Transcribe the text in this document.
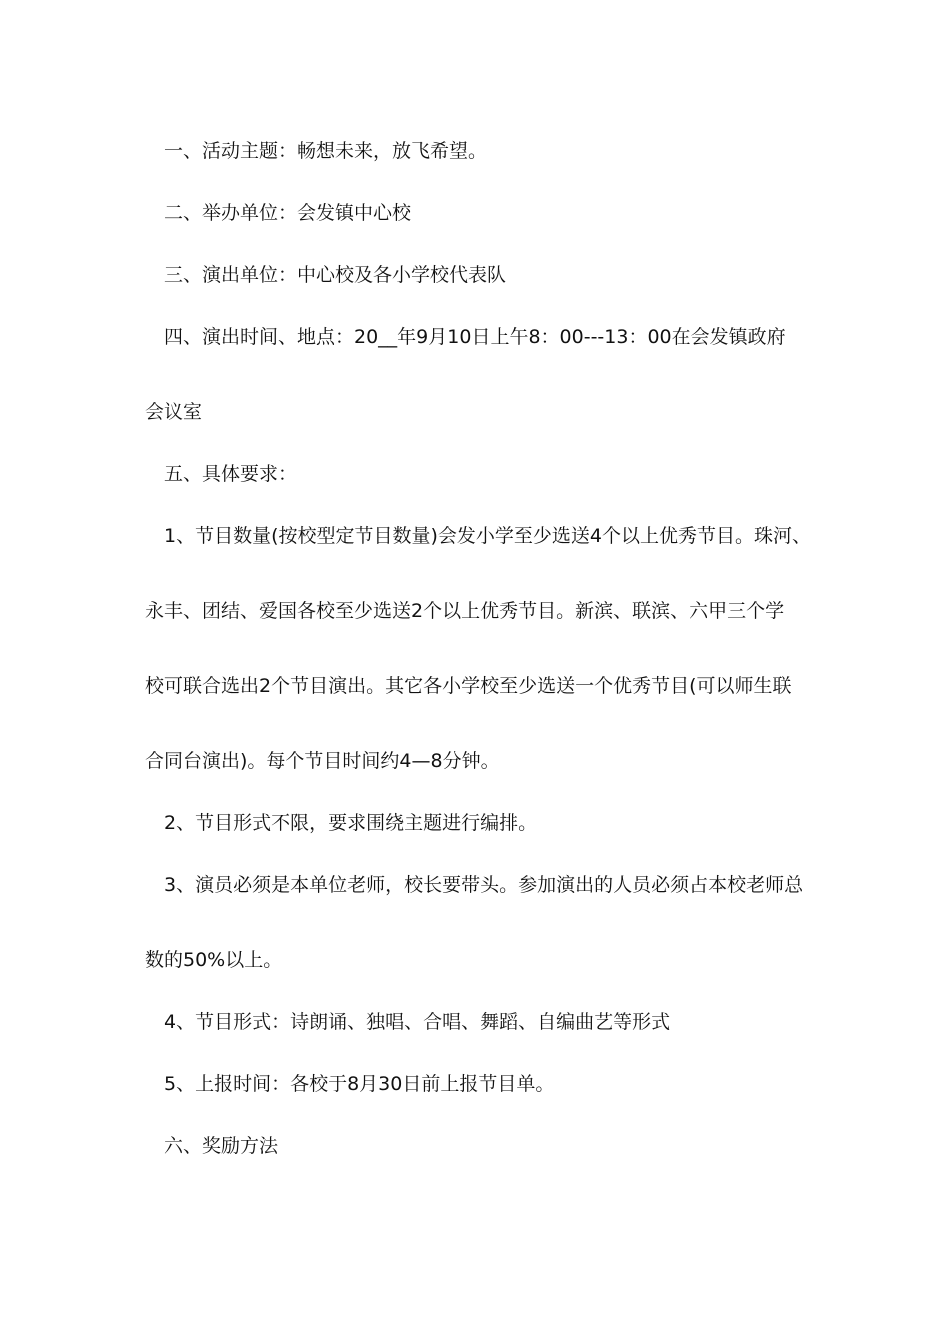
一、活动主题：畅想未来，放飞希望。
二、举办单位：会发镇中心校
三、演出单位：中心校及各小学校代表队
四、演出时间、地点：20__年9月10日上午8：00---13：00在会发镇政府
会议室
五、具体要求：
1、节目数量(按校型定节目数量)会发小学至少选送4个以上优秀节目。珠河、
永丰、团结、爱国各校至少选送2个以上优秀节目。新滨、联滨、六甲三个学
校可联合选出2个节目演出。其它各小学校至少选送一个优秀节目(可以师生联
合同台演出)。每个节目时间约4—8分钟。
2、节目形式不限，要求围绕主题进行编排。
3、演员必须是本单位老师，校长要带头。参加演出的人员必须占本校老师总
数的50%以上。
4、节目形式：诗朗诵、独唱、合唱、舞蹈、自编曲艺等形式
5、上报时间：各校于8月30日前上报节目单。
六、奖励方法
